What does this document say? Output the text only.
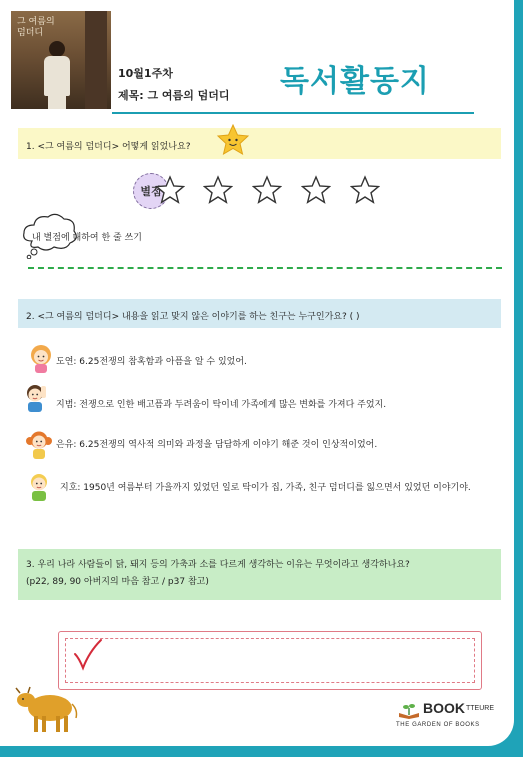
그 여름의 덤더디
10월1주차
제목: 그 여름의 덤더디 독서활동지
1. <그 여름의 덤더디> 어떻게 읽었나요?
별점
내 별점에 대하여 한 줄 쓰기
2. <그 여름의 덤더디> 내용을 읽고 맞지 않은 이야기를 하는 친구는 누구인가요? ( )
도연: 6.25전쟁의 참혹함과 아픔을 알 수 있었어.
지범: 전쟁으로 인한 배고픔과 두려움이 탁이네 가족에게 많은 변화를 가져다 주었지.
은유: 6.25전쟁의 역사적 의미와 과정을 담담하게 이야기 해준 것이 인상적이었어.
지호: 1950년 여름부터 가을까지 있었던 일로 탁이가 집, 가족, 친구 덤더디를 잃으면서 있었던 이야기야.
3. 우리 나라 사람들이 닭, 돼지 등의 가축과 소를 다르게 생각하는 이유는 무엇이라고 생각하나요?
(p22, 89, 90 아버지의 마음 참고 / p37 참고)
BOOK TTEURE
THE GARDEN OF BOOKS
